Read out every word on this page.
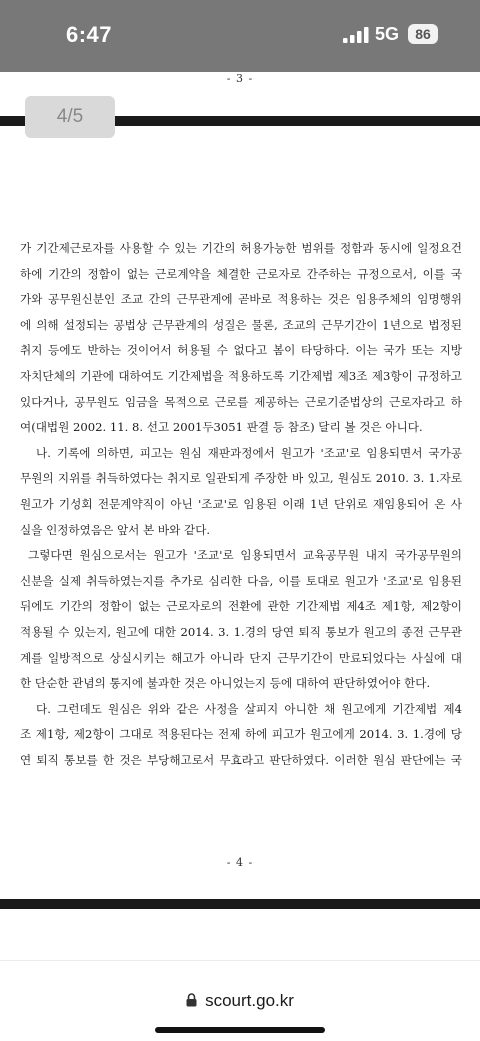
6:47	5G	86
- 3 -
4/5
가 기간제근로자를 사용할 수 있는 기간의 허용가능한 범위를 정함과 동시에 일정요건
하에 기간의 정함이 없는 근로계약을 체결한 근로자로 간주하는 규정으로서, 이를 국
가와 공무원신분인 조교 간의 근무관계에 곧바로 적용하는 것은 임용주체의 임명행위
에 의해 설정되는 공법상 근무관계의 성질은 물론, 조교의 근무기간이 1년으로 법정된
취지 등에도 반하는 것이어서 허용될 수 없다고 봄이 타당하다. 이는 국가 또는 지방
자치단체의 기관에 대하여도 기간제법을 적용하도록 기간제법 제3조 제3항이 규정하고
있다거나, 공무원도 임금을 목적으로 근로를 제공하는 근로기준법상의 근로자라고 하
여(대법원 2002. 11. 8. 선고 2001두3051 판결 등 참조) 달리 볼 것은 아니다.
나. 기록에 의하면, 피고는 원심 재판과정에서 원고가 '조교'로 임용되면서 국가공
무원의 지위를 취득하였다는 취지로 일관되게 주장한 바 있고, 원심도 2010. 3. 1.자로
원고가 기성회 전문계약직이 아닌 '조교'로 임용된 이래 1년 단위로 재임용되어 온 사
실을 인정하였음은 앞서 본 바와 같다.
그렇다면 원심으로서는 원고가 '조교'로 임용되면서 교육공무원 내지 국가공무원의
신분을 실제 취득하였는지를 추가로 심리한 다음, 이를 토대로 원고가 '조교'로 임용된
뒤에도 기간의 정함이 없는 근로자로의 전환에 관한 기간제법 제4조 제1항, 제2항이
적용될 수 있는지, 원고에 대한 2014. 3. 1.경의 당연 퇴직 통보가 원고의 종전 근무관
계를 일방적으로 상실시키는 해고가 아니라 단지 근무기간이 만료되었다는 사실에 대
한 단순한 관념의 통지에 불과한 것은 아니었는지 등에 대하여 판단하였어야 한다.
다. 그런데도 원심은 위와 같은 사정을 살피지 아니한 채 원고에게 기간제법 제4
조 제1항, 제2항이 그대로 적용된다는 전제 하에 피고가 원고에게 2014. 3. 1.경에 당
연 퇴직 통보를 한 것은 부당해고로서 무효라고 판단하였다. 이러한 원심 판단에는 국
- 4 -
scourt.go.kr
